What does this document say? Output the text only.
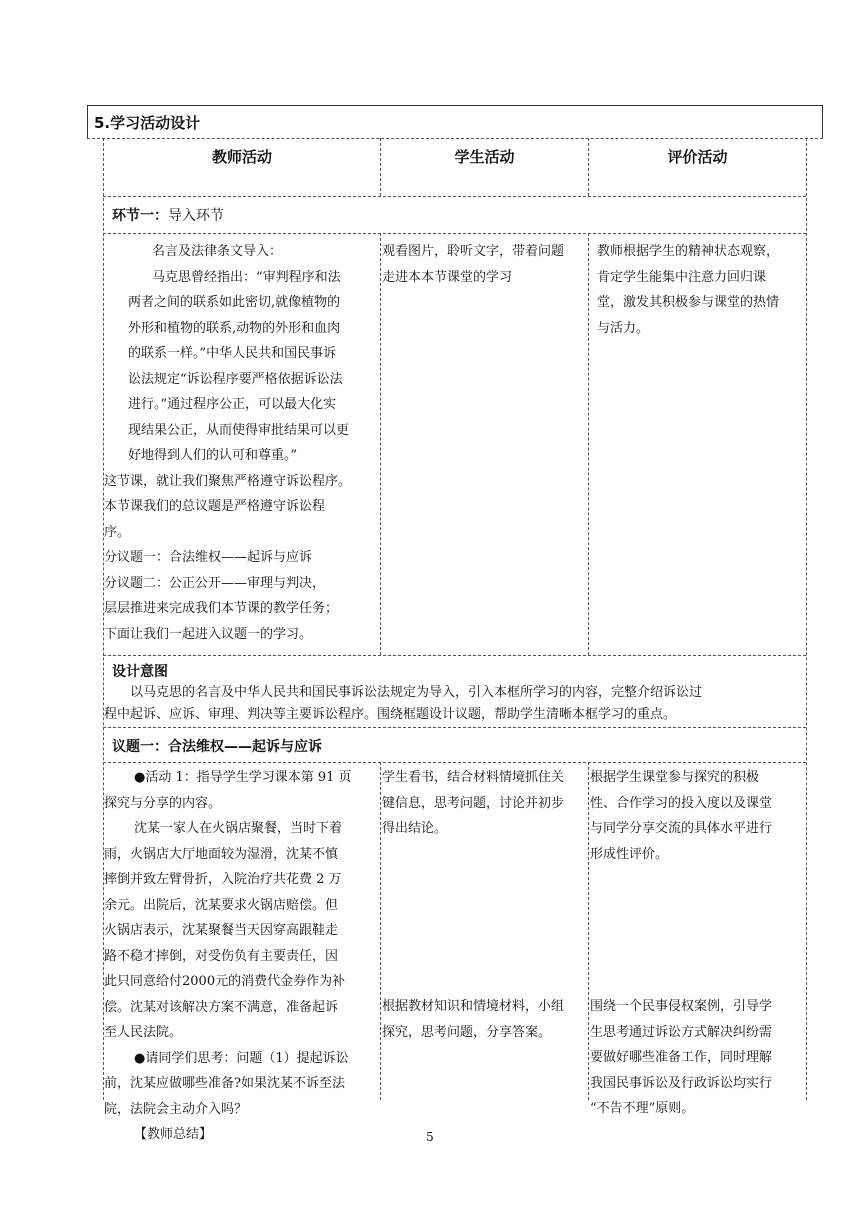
5.学习活动设计
教师活动	学生活动	评价活动
环节一：导入环节

名言及法律条文导入：

马克思曾经指出：“审判程序和法

两者之间的联系如此密切,就像植物的

外形和植物的联系,动物的外形和血肉

的联系一样。”中华人民共和国民事诉

讼法规定“诉讼程序要严格依据诉讼法

进行。”通过程序公正，可以最大化实

现结果公正，从而使得审批结果可以更

好地得到人们的认可和尊重。”

这节课，就让我们聚焦严格遵守诉讼程序。

本节课我们的总议题是严格遵守诉讼程

序。

分议题一：合法维权——起诉与应诉

分议题二：公正公开——审理与判决，

层层推进来完成我们本节课的教学任务；

下面让我们一起进入议题一的学习。

观看图片，聆听文字，带着问题

走进本本节课堂的学习

教师根据学生的精神状态观察，

肯定学生能集中注意力回归课

堂，激发其积极参与课堂的热情

与活力。

设计意图

以马克思的名言及中华人民共和国民事诉讼法规定为导入，引入本框所学习的内容，完整介绍诉讼过

程中起诉、应诉、审理、判决等主要诉讼程序。围绕框题设计议题，帮助学生清晰本框学习的重点。

议题一：合法维权——起诉与应诉

●活动 1：指导学生学习课本第 91 页

探究与分享的内容。

沈某一家人在火锅店聚餐，当时下着

雨，火锅店大厅地面较为湿滑，沈某不慎

摔倒并致左臂骨折，入院治疗共花费 2 万

余元。出院后，沈某要求火锅店赔偿。但

火锅店表示，沈某聚餐当天因穿高跟鞋走

路不稳才摔倒，对受伤负有主要责任，因

此只同意给付2000元的消费代金券作为补

偿。沈某对该解决方案不满意，准备起诉

至人民法院。

●请同学们思考：问题（1）提起诉讼

前，沈某应做哪些准备?如果沈某不诉至法

院，法院会主动介入吗？

【教师总结】

学生看书，结合材料情境抓住关

键信息，思考问题，讨论并初步

得出结论。

根据教材知识和情境材料，小组

探究，思考问题，分享答案。

根据学生课堂参与探究的积极

性、合作学习的投入度以及课堂

与同学分享交流的具体水平进行

形成性评价。

围绕一个民事侵权案例，引导学

生思考通过诉讼方式解决纠纷需

要做好哪些准备工作，同时理解

我国民事诉讼及行政诉讼均实行

“不告不理”原则。

5
